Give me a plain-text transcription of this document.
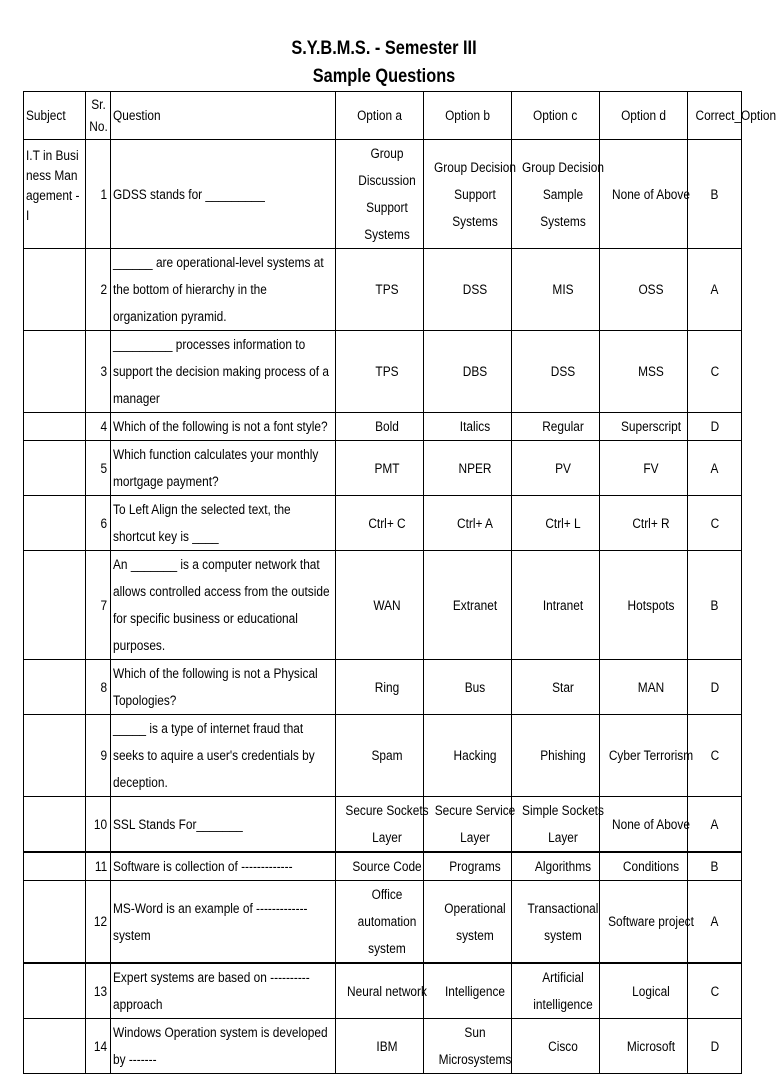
S.Y.B.M.S. - Semester III
Sample Questions
Subject	Sr. No.	Question	Option a	Option b	Option c	Option d	Correct_Option
I.T in Business Management - I	1	GDSS stands for _________	Group Discussion Support Systems	Group Decision Support Systems	Group Decision Sample Systems	None of Above	B
	2	______ are operational-level systems at the bottom of hierarchy in the organization pyramid.	TPS	DSS	MIS	OSS	A
	3	_________ processes information to support the decision making process of a manager	TPS	DBS	DSS	MSS	C
	4	Which of the following is not a font style?	Bold	Italics	Regular	Superscript	D
	5	Which function calculates your monthly mortgage payment?	PMT	NPER	PV	FV	A
	6	To Left Align the selected text, the shortcut key is ____	Ctrl+ C	Ctrl+ A	Ctrl+ L	Ctrl+ R	C
	7	An _______ is a computer network that allows controlled access from the outside for specific business or educational purposes.	WAN	Extranet	Intranet	Hotspots	B
	8	Which of the following is not a Physical Topologies?	Ring	Bus	Star	MAN	D
	9	_____ is a type of internet fraud that seeks to aquire a user's credentials by deception.	Spam	Hacking	Phishing	Cyber Terrorism	C
	10	SSL Stands For_______	Secure Sockets Layer	Secure Service Layer	Simple Sockets Layer	None of Above	A
	11	Software is collection of -------------	Source Code	Programs	Algorithms	Conditions	B
	12	MS-Word is an example of ------------- system	Office automation system	Operational system	Transactional system	Software project	A
	13	Expert systems are based on ---------- approach	Neural network	Intelligence	Artificial intelligence	Logical	C
	14	Windows Operation system is developed by -------	IBM	Sun Microsystems	Cisco	Microsoft	D
